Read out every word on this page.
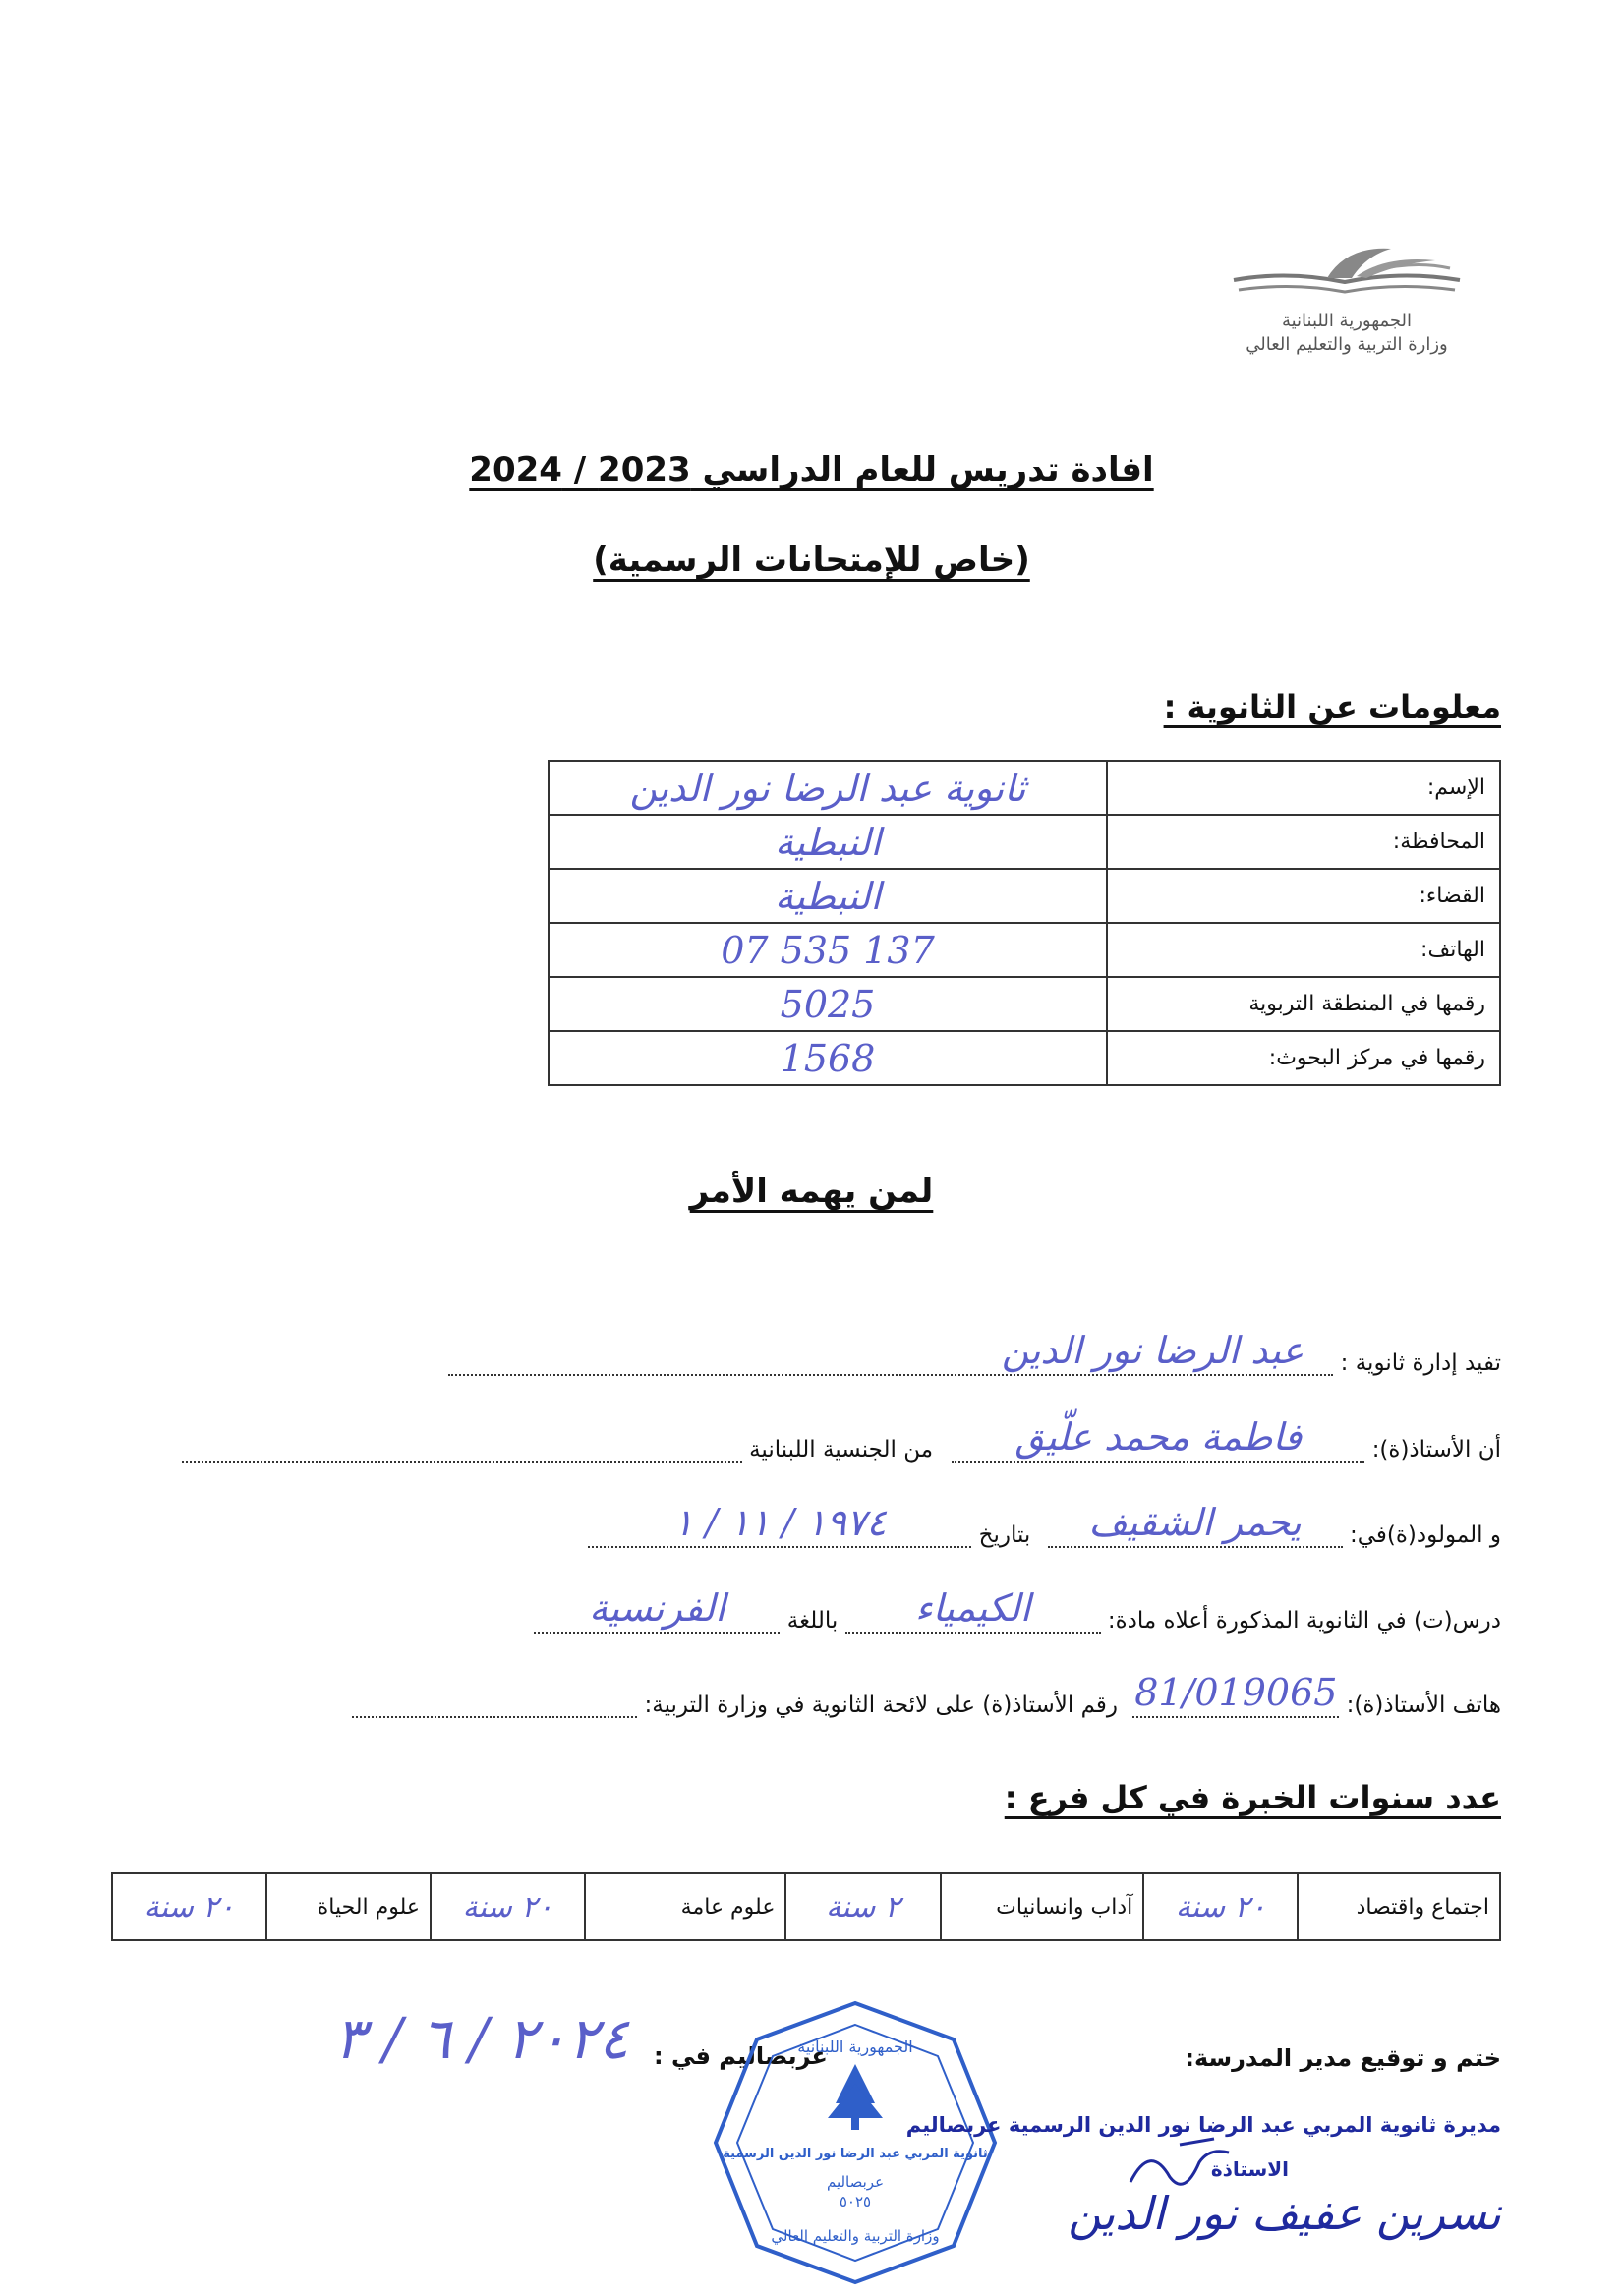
الجمهورية اللبنانية
وزارة التربية والتعليم العالي
افادة تدريس للعام الدراسي 2023 / 2024
(خاص للإمتحانات الرسمية)
معلومات عن الثانوية :
الإسم:	ثانوية عبد الرضا نور الدين
المحافظة:	النبطية
القضاء:	النبطية
الهاتف:	07 535 137
رقمها في المنطقة التربوية	5025
رقمها في مركز البحوث:	1568
لمن يهمه الأمر
تفيد إدارة ثانوية :
عبد الرضا نور الدين
أن الأستاذ(ة):
فاطمة محمد علّيق
من الجنسية اللبنانية
و المولود(ة)في:
يحمر الشقيف
بتاريخ
١٩٧٤ / ١١ / ١
درس(ت) في الثانوية المذكورة أعلاه مادة:
الكيمياء
باللغة
الفرنسية
هاتف الأستاذ(ة):
81/019065
رقم الأستاذ(ة) على لائحة الثانوية في وزارة التربية:
عدد سنوات الخبرة في كل فرع :
اجتماع واقتصاد	٢٠ سنة	آداب وانسانيات	٢ سنة	علوم عامة	٢٠ سنة	علوم الحياة	٢٠ سنة
ختم و توقيع مدير المدرسة:
عربصاليم في :
٢٠٢٤ / ٦ / ٣	الجمهورية اللبنانية
ثانوية المربي عبد الرضا نور الدين الرسمية
عربصاليم
٥٠٢٥
وزارة التربية والتعليم العالي
مديرة ثانوية المربي عبد الرضا نور الدين الرسمية عربصاليم
الاستاذة
نسرين عفيف نور الدين
